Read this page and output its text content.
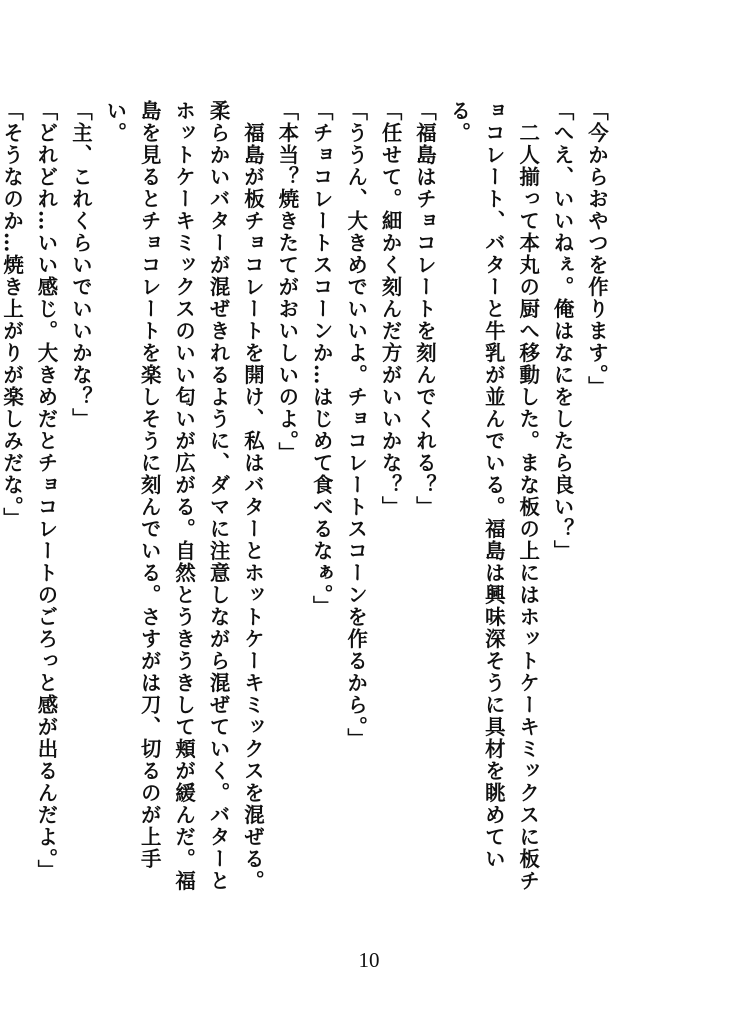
「今からおやつを作ります。」

「へえ、いいねぇ。俺はなにをしたら良い？」

　二人揃って本丸の厨へ移動した。まな板の上にはホットケーキミックスに板チョコレート、バターと牛乳が並んでいる。福島は興味深そうに具材を眺めている。

「福島はチョコレートを刻んでくれる？」

「任せて。細かく刻んだ方がいいかな？」

「ううん、大きめでいいよ。チョコレートスコーンを作るから。」

「チョコレートスコーンか…はじめて食べるなぁ。」

「本当？焼きたてがおいしいのよ。」

　福島が板チョコレートを開け、私はバターとホットケーキミックスを混ぜる。柔らかいバターが混ぜきれるように、ダマに注意しながら混ぜていく。バターとホットケーキミックスのいい匂いが広がる。自然とうきうきして頬が緩んだ。福島を見るとチョコレートを楽しそうに刻んでいる。さすがは刀、切るのが上手い。

「主、これくらいでいいかな？」

「どれどれ…いい感じ。大きめだとチョコレートのごろっと感が出るんだよ。」

「そうなのか…焼き上がりが楽しみだな。」

10
